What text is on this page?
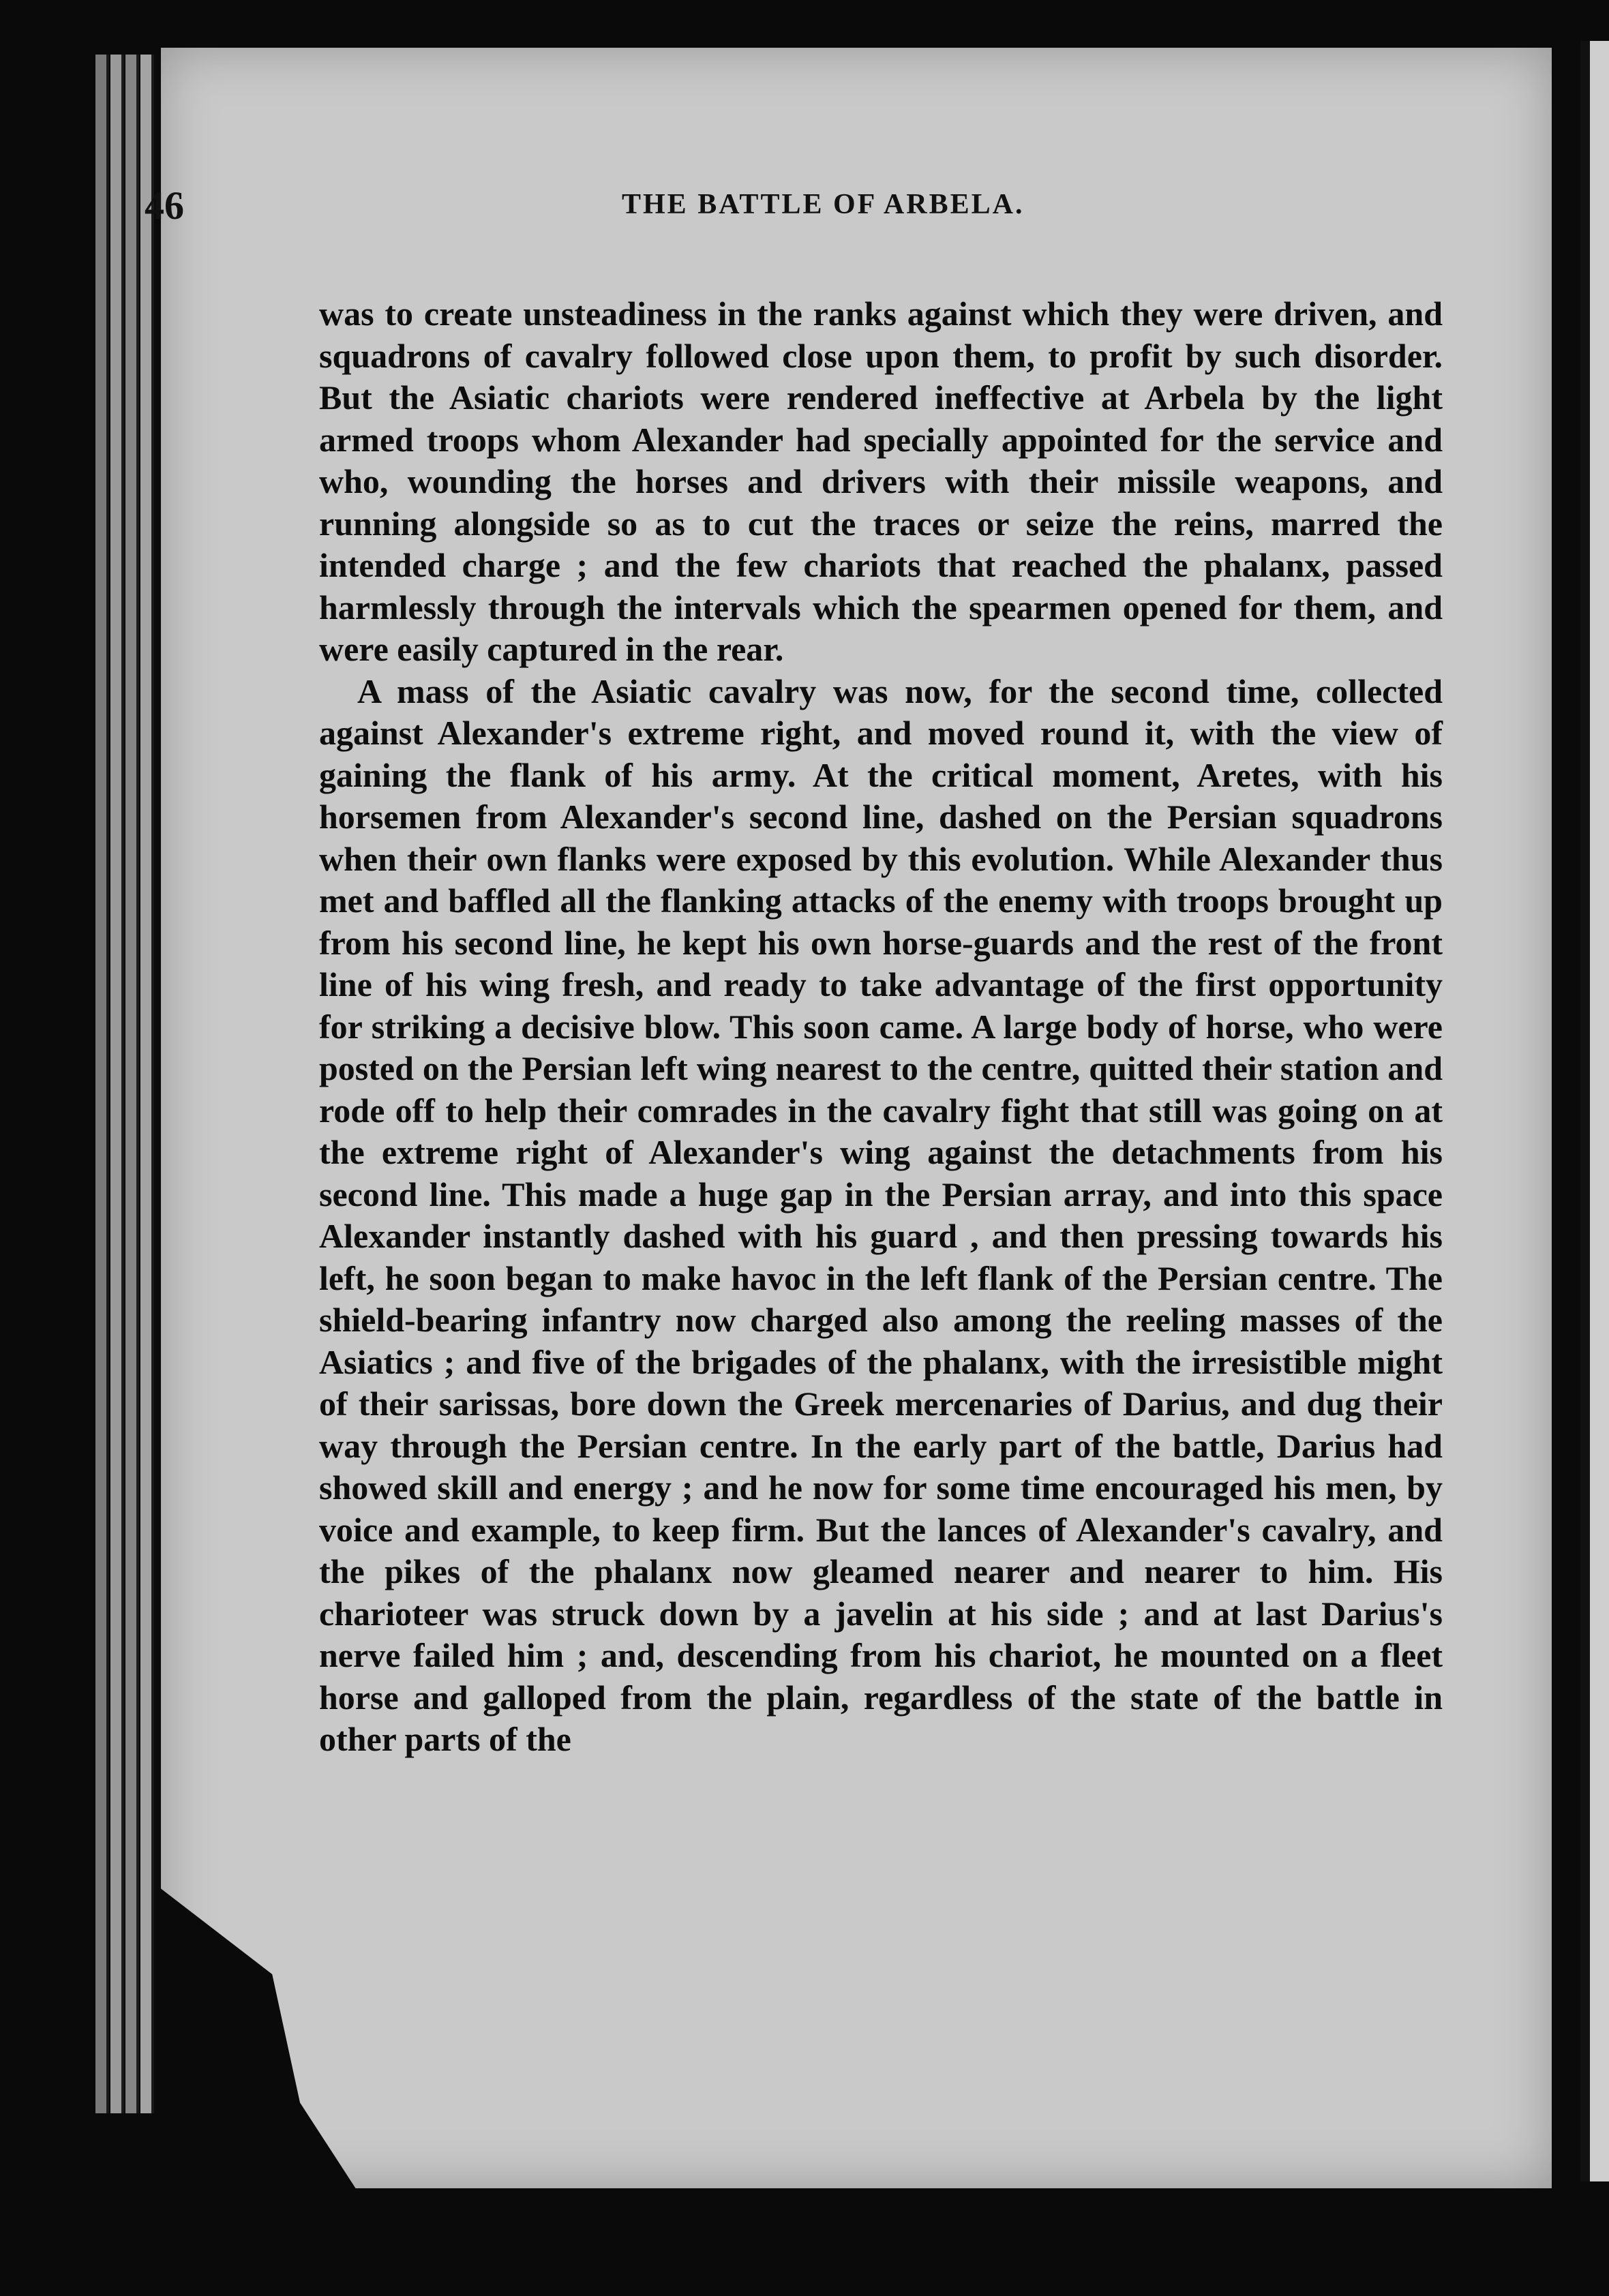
46	THE BATTLE OF ARBELA.

was to create unsteadiness in the ranks against which they were driven, and squadrons of cavalry followed close upon them, to profit by such disorder. But the Asiatic chariots were rendered ineffective at Arbela by the light armed troops whom Alexander had specially appointed for the service and who, wounding the horses and drivers with their missile weapons, and running alongside so as to cut the traces or seize the reins, marred the intended charge ; and the few chariots that reached the phalanx, passed harmlessly through the intervals which the spearmen opened for them, and were easily captured in the rear.

A mass of the Asiatic cavalry was now, for the second time, collected against Alexander's extreme right, and moved round it, with the view of gaining the flank of his army. At the critical moment, Aretes, with his horsemen from Alexander's second line, dashed on the Persian squadrons when their own flanks were exposed by this evolution. While Alexander thus met and baffled all the flanking attacks of the enemy with troops brought up from his second line, he kept his own horse-guards and the rest of the front line of his wing fresh, and ready to take advantage of the first opportunity for striking a decisive blow. This soon came. A large body of horse, who were posted on the Persian left wing nearest to the centre, quitted their station and rode off to help their comrades in the cavalry fight that still was going on at the extreme right of Alexander's wing against the detachments from his second line. This made a huge gap in the Persian array, and into this space Alexander instantly dashed with his guard , and then pressing towards his left, he soon began to make havoc in the left flank of the Persian centre. The shield-bearing infantry now charged also among the reeling masses of the Asiatics ; and five of the brigades of the phalanx, with the irresistible might of their sarissas, bore down the Greek mercenaries of Darius, and dug their way through the Persian centre. In the early part of the battle, Darius had showed skill and energy ; and he now for some time encouraged his men, by voice and example, to keep firm. But the lances of Alexander's cavalry, and the pikes of the phalanx now gleamed nearer and nearer to him. His charioteer was struck down by a javelin at his side ; and at last Darius's nerve failed him ; and, descending from his chariot, he mounted on a fleet horse and galloped from the plain, regardless of the state of the battle in other parts of the
